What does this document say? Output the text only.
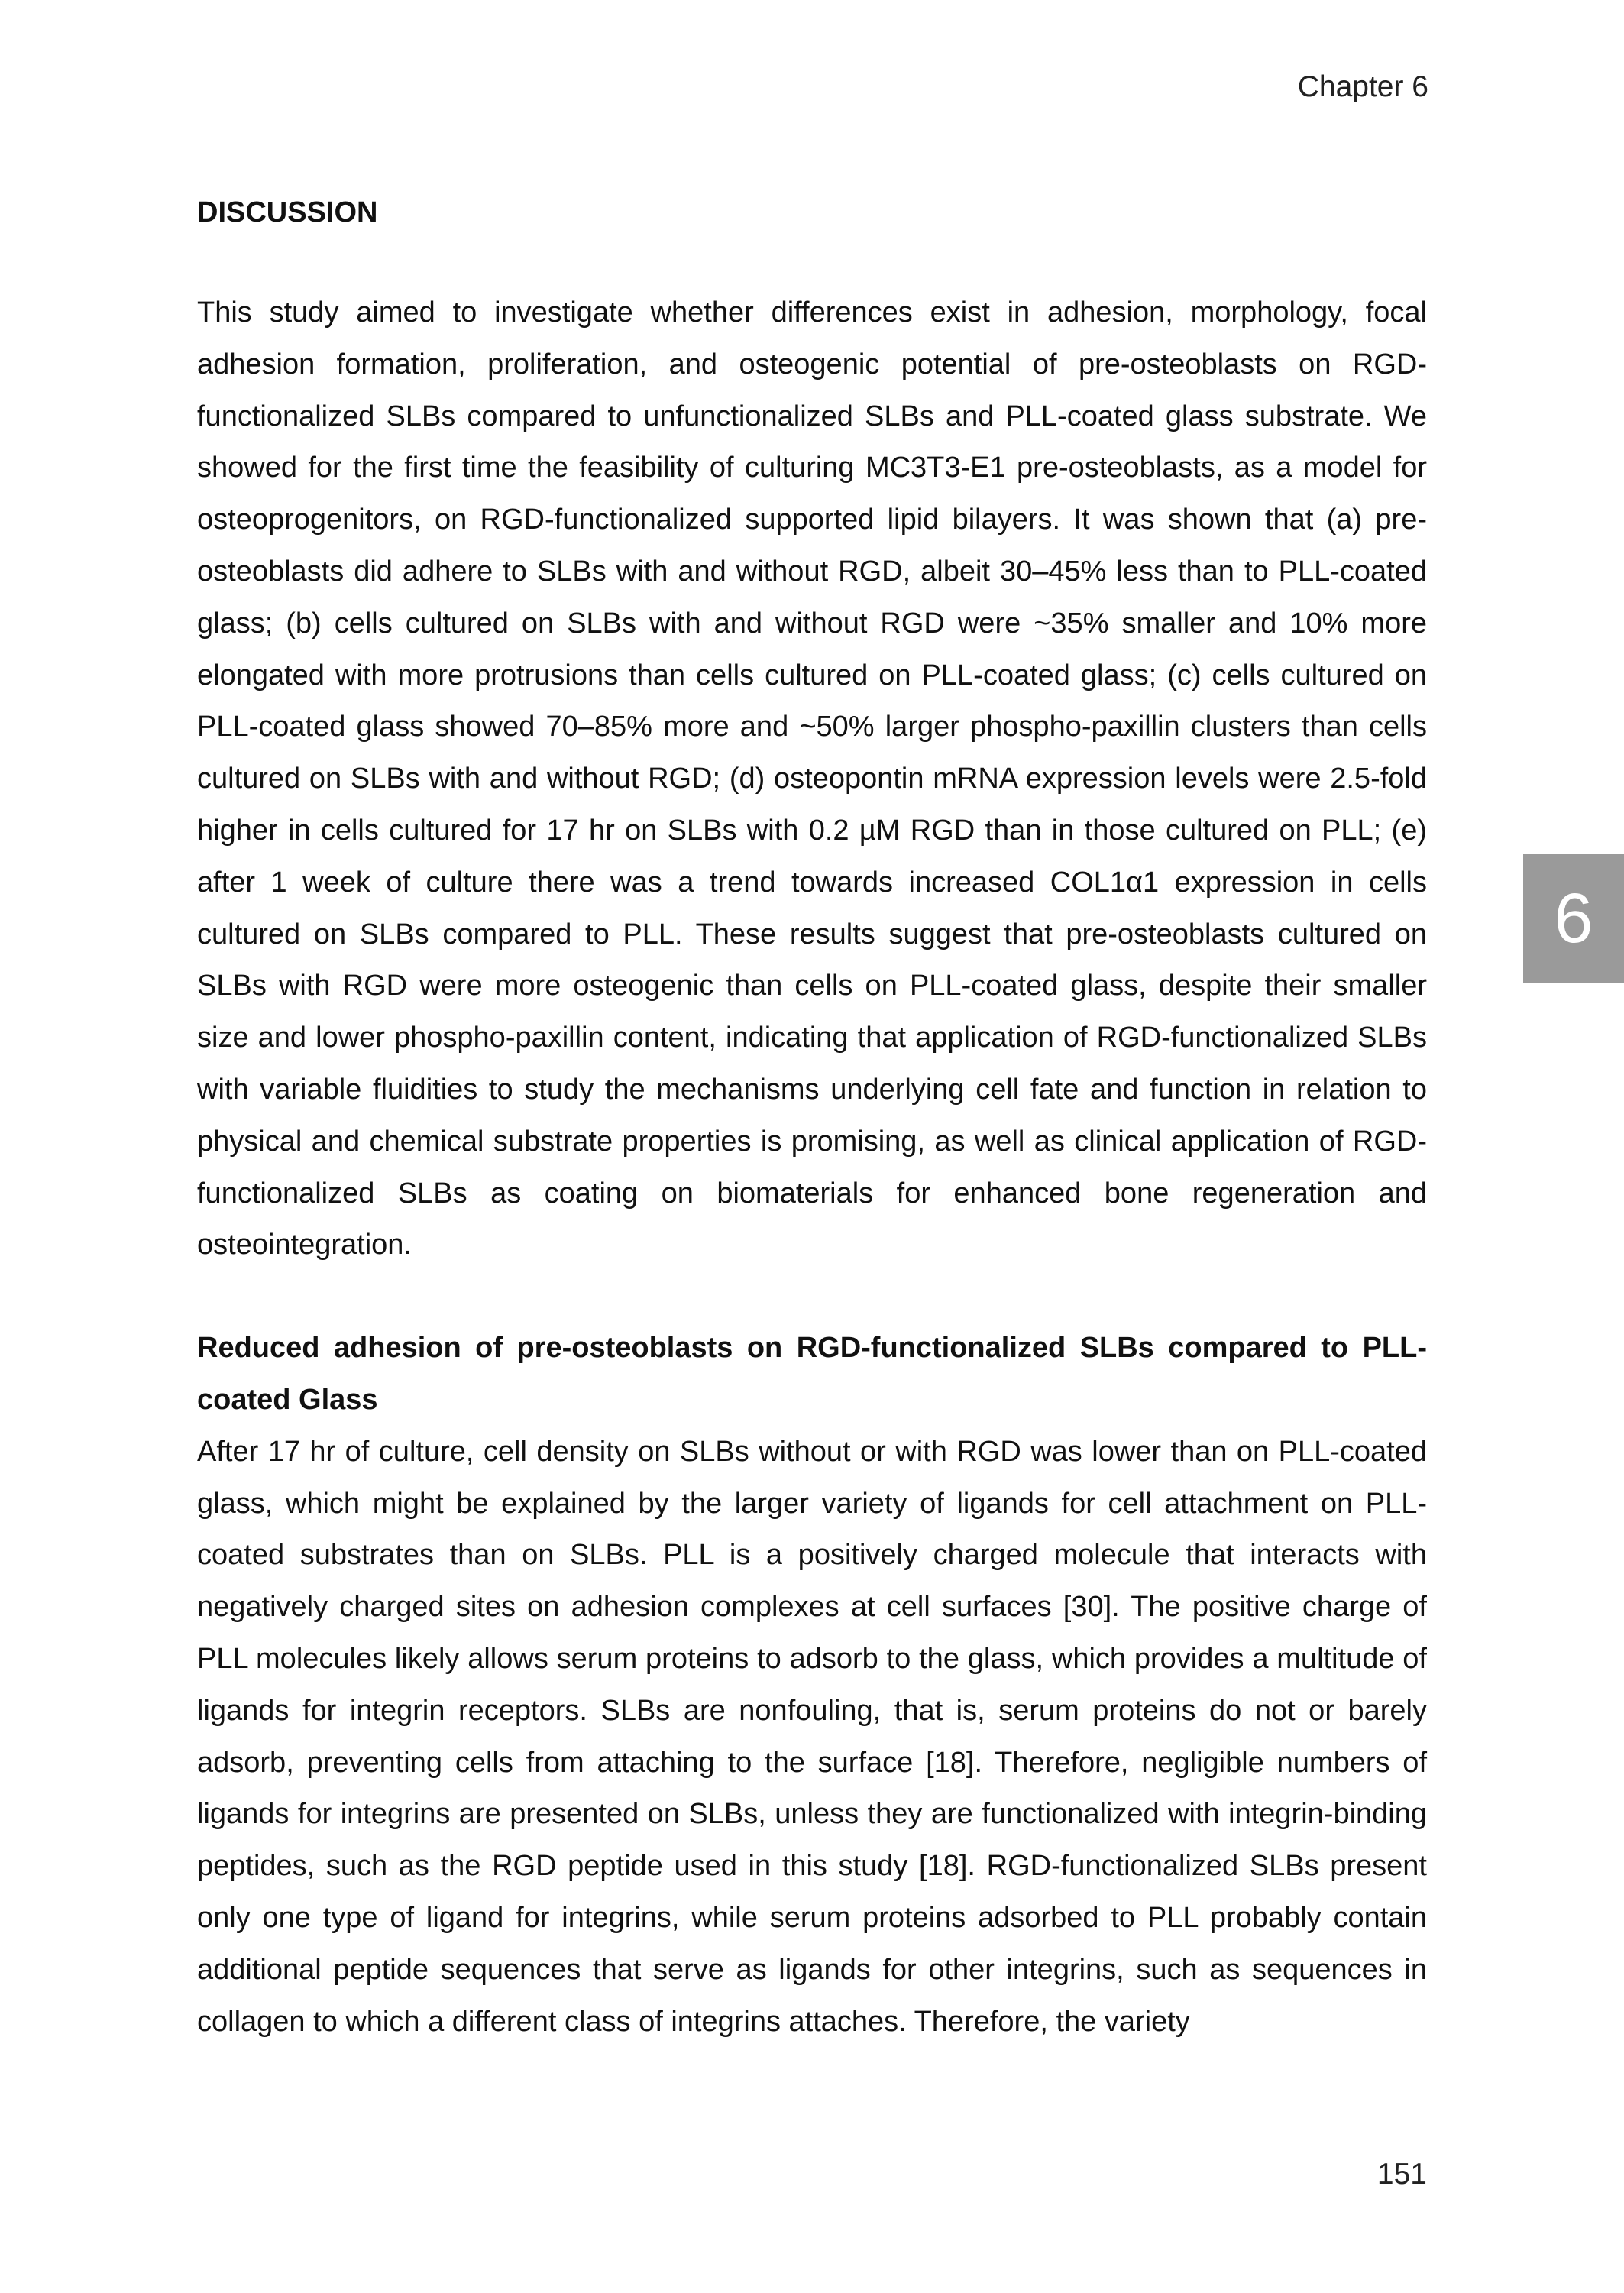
Chapter 6
DISCUSSION

This study aimed to investigate whether differences exist in adhesion, morphology, focal adhesion formation, proliferation, and osteogenic potential of pre-osteoblasts on RGD-functionalized SLBs compared to unfunctionalized SLBs and PLL-coated glass substrate. We showed for the first time the feasibility of culturing MC3T3-E1 pre-osteoblasts, as a model for osteoprogenitors, on RGD-functionalized supported lipid bilayers. It was shown that (a) pre-osteoblasts did adhere to SLBs with and without RGD, albeit 30–45% less than to PLL-coated glass; (b) cells cultured on SLBs with and without RGD were ~35% smaller and 10% more elongated with more protrusions than cells cultured on PLL-coated glass; (c) cells cultured on PLL-coated glass showed 70–85% more and ~50% larger phospho-paxillin clusters than cells cultured on SLBs with and without RGD; (d) osteopontin mRNA expression levels were 2.5-fold higher in cells cultured for 17 hr on SLBs with 0.2 µM RGD than in those cultured on PLL; (e) after 1 week of culture there was a trend towards increased COL1α1 expression in cells cultured on SLBs compared to PLL. These results suggest that pre-osteoblasts cultured on SLBs with RGD were more osteogenic than cells on PLL-coated glass, despite their smaller size and lower phospho-paxillin content, indicating that application of RGD-functionalized SLBs with variable fluidities to study the mechanisms underlying cell fate and function in relation to physical and chemical substrate properties is promising, as well as clinical application of RGD-functionalized SLBs as coating on biomaterials for enhanced bone regeneration and osteointegration.

Reduced adhesion of pre-osteoblasts on RGD-functionalized SLBs compared to PLL-coated Glass

After 17 hr of culture, cell density on SLBs without or with RGD was lower than on PLL-coated glass, which might be explained by the larger variety of ligands for cell attachment on PLL-coated substrates than on SLBs. PLL is a positively charged molecule that interacts with negatively charged sites on adhesion complexes at cell surfaces [30]. The positive charge of PLL molecules likely allows serum proteins to adsorb to the glass, which provides a multitude of ligands for integrin receptors. SLBs are nonfouling, that is, serum proteins do not or barely adsorb, preventing cells from attaching to the surface [18]. Therefore, negligible numbers of ligands for integrins are presented on SLBs, unless they are functionalized with integrin-binding peptides, such as the RGD peptide used in this study [18]. RGD-functionalized SLBs present only one type of ligand for integrins, while serum proteins adsorbed to PLL probably contain additional peptide sequences that serve as ligands for other integrins, such as sequences in collagen to which a different class of integrins attaches. Therefore, the variety

6
151
